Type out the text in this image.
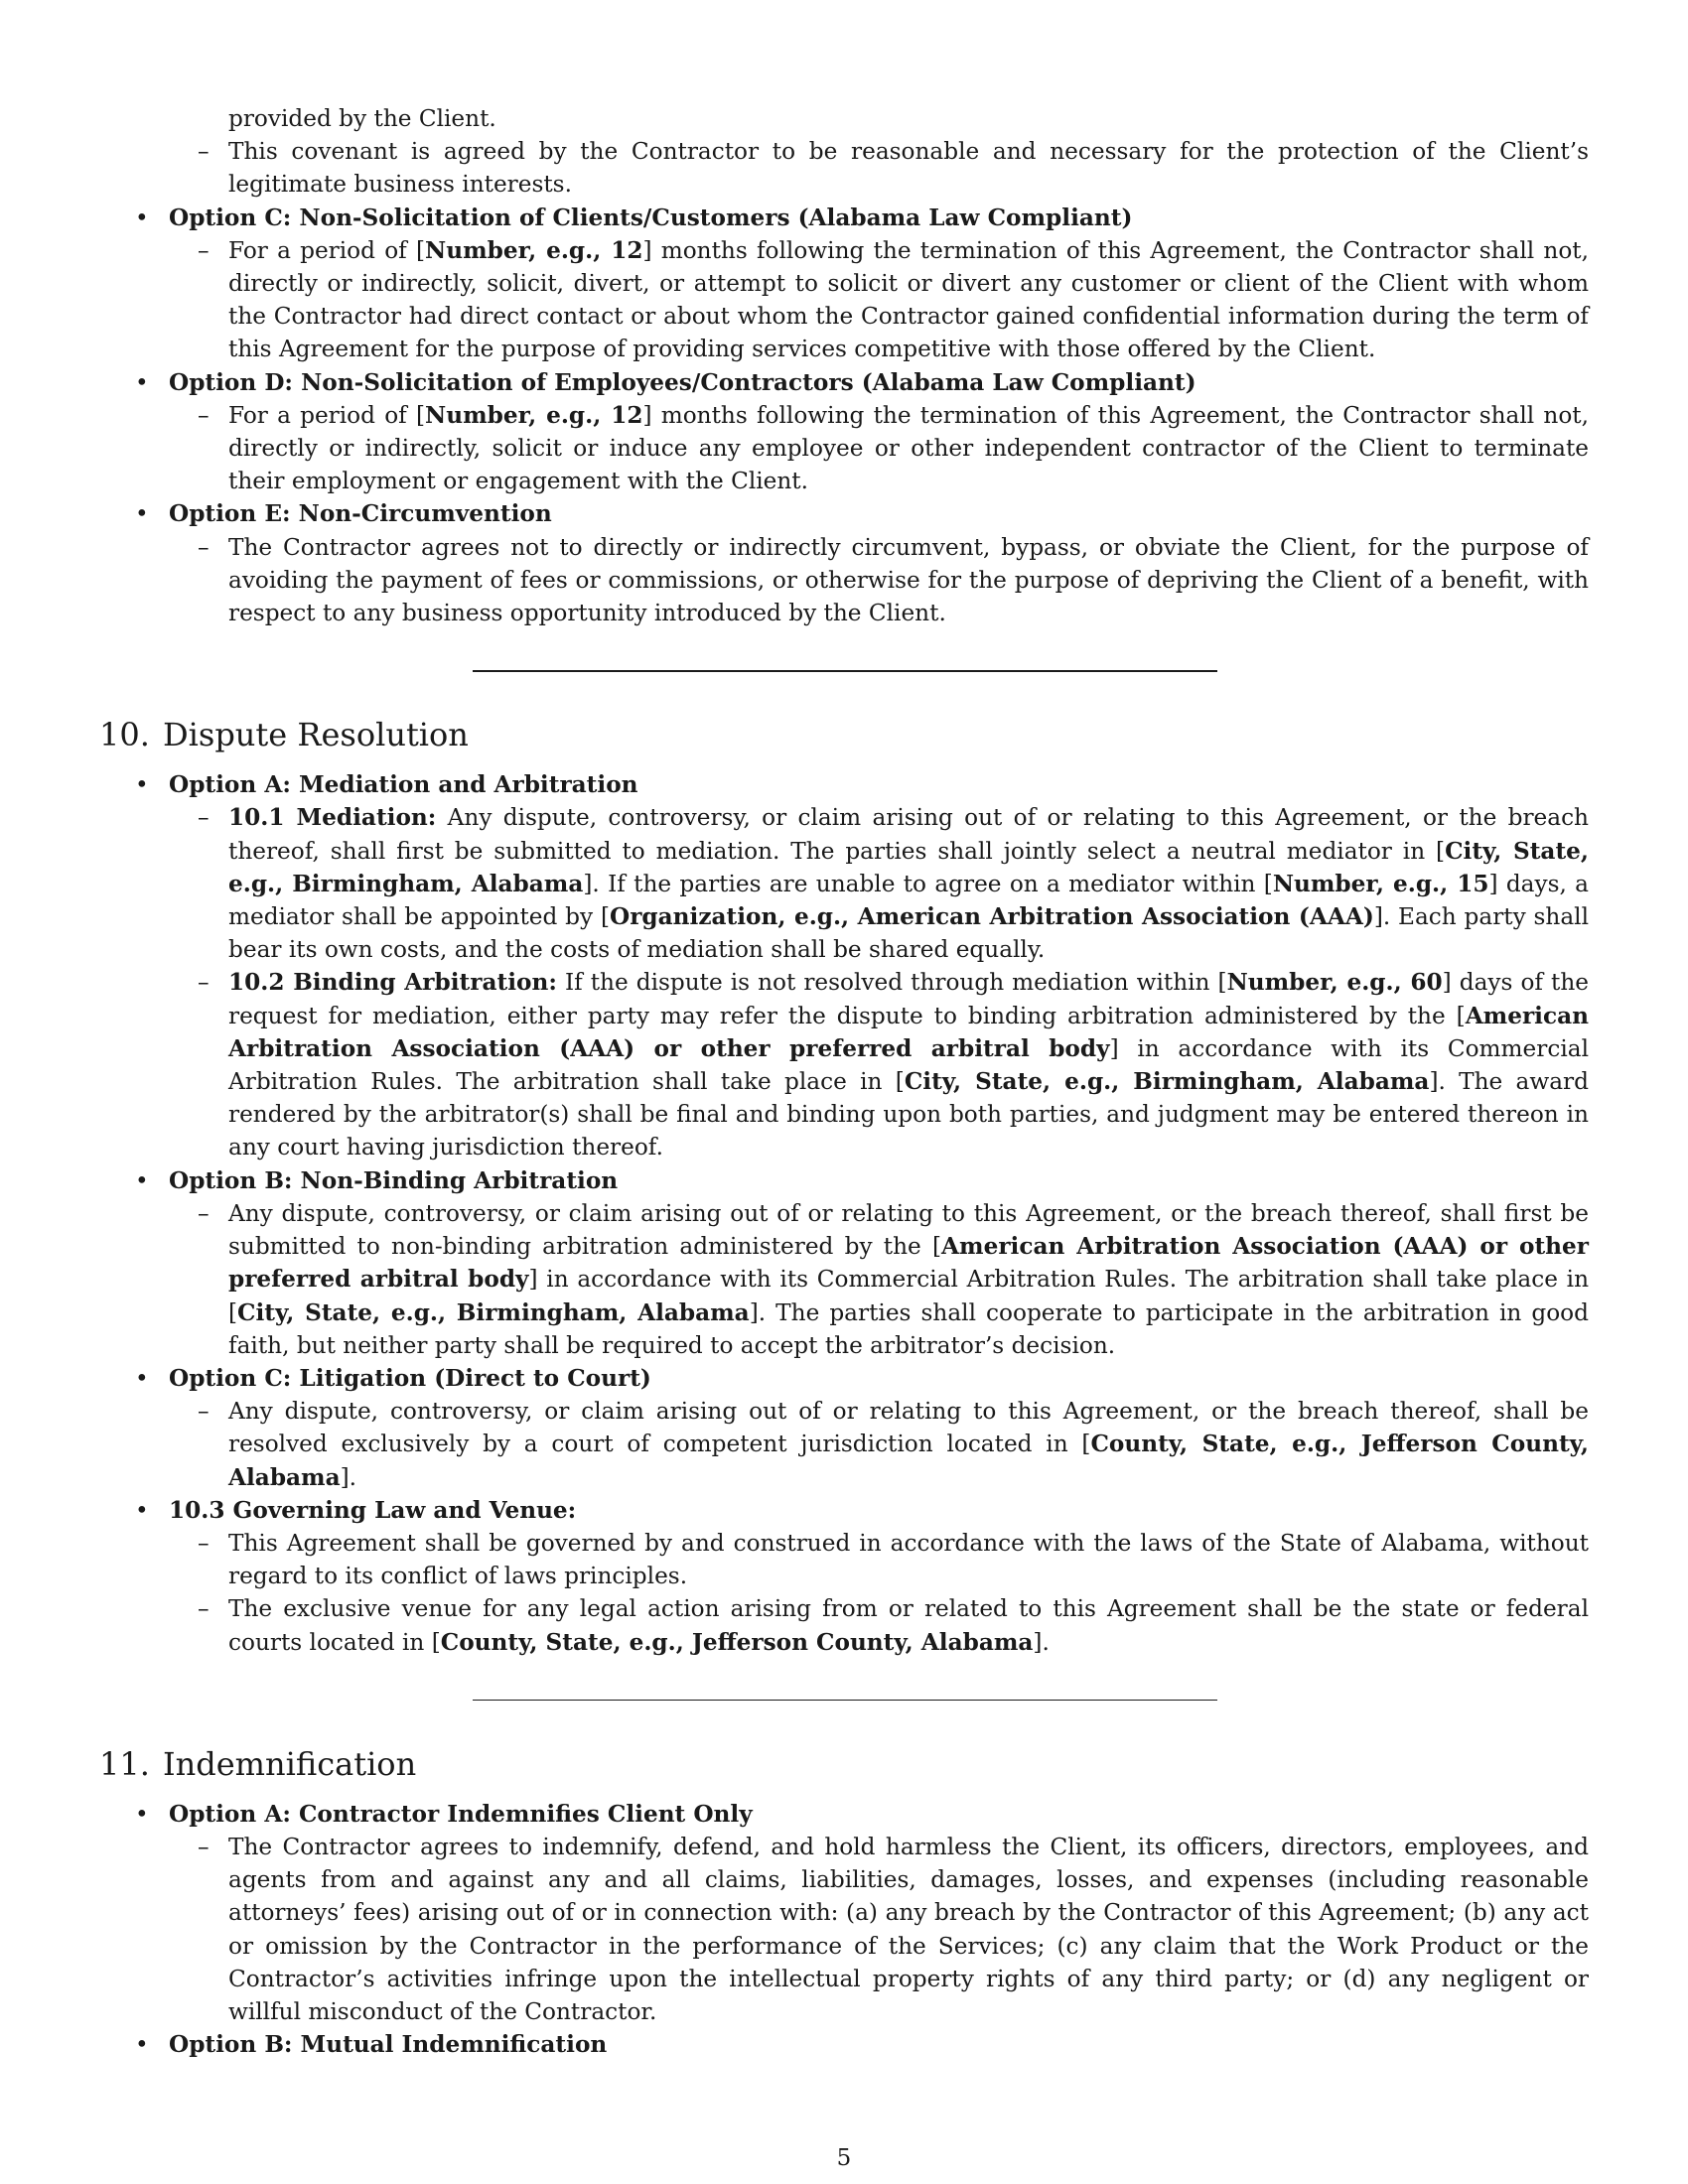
provided by the Client.
– This covenant is agreed by the Contractor to be reasonable and necessary for the protection of the Client’s legitimate business interests.
• Option C: Non-Solicitation of Clients/Customers (Alabama Law Compliant)
– For a period of [Number, e.g., 12] months following the termination of this Agreement, the Contractor shall not, directly or indirectly, solicit, divert, or attempt to solicit or divert any customer or client of the Client with whom the Contractor had direct contact or about whom the Contractor gained confidential information during the term of this Agreement for the purpose of providing services competitive with those offered by the Client.
• Option D: Non-Solicitation of Employees/Contractors (Alabama Law Compliant)
– For a period of [Number, e.g., 12] months following the termination of this Agreement, the Contractor shall not, directly or indirectly, solicit or induce any employee or other independent contractor of the Client to terminate their employment or engagement with the Client.
• Option E: Non-Circumvention
– The Contractor agrees not to directly or indirectly circumvent, bypass, or obviate the Client, for the purpose of avoiding the payment of fees or commissions, or otherwise for the purpose of depriving the Client of a benefit, with respect to any business opportunity introduced by the Client.
10. Dispute Resolution
• Option A: Mediation and Arbitration
– 10.1 Mediation: Any dispute, controversy, or claim arising out of or relating to this Agreement, or the breach thereof, shall first be submitted to mediation. The parties shall jointly select a neutral mediator in [City, State, e.g., Birmingham, Alabama]. If the parties are unable to agree on a mediator within [Number, e.g., 15] days, a mediator shall be appointed by [Organization, e.g., American Arbitration Association (AAA)]. Each party shall bear its own costs, and the costs of mediation shall be shared equally.
– 10.2 Binding Arbitration: If the dispute is not resolved through mediation within [Number, e.g., 60] days of the request for mediation, either party may refer the dispute to binding arbitration administered by the [American Arbitration Association (AAA) or other preferred arbitral body] in accordance with its Commercial Arbitration Rules. The arbitration shall take place in [City, State, e.g., Birmingham, Alabama]. The award rendered by the arbitrator(s) shall be final and binding upon both parties, and judgment may be entered thereon in any court having jurisdiction thereof.
• Option B: Non-Binding Arbitration
– Any dispute, controversy, or claim arising out of or relating to this Agreement, or the breach thereof, shall first be submitted to non-binding arbitration administered by the [American Arbitration Association (AAA) or other preferred arbitral body] in accordance with its Commercial Arbitration Rules. The arbitration shall take place in [City, State, e.g., Birmingham, Alabama]. The parties shall cooperate to participate in the arbitration in good faith, but neither party shall be required to accept the arbitrator’s decision.
• Option C: Litigation (Direct to Court)
– Any dispute, controversy, or claim arising out of or relating to this Agreement, or the breach thereof, shall be resolved exclusively by a court of competent jurisdiction located in [County, State, e.g., Jefferson County, Alabama].
• 10.3 Governing Law and Venue:
– This Agreement shall be governed by and construed in accordance with the laws of the State of Alabama, without regard to its conflict of laws principles.
– The exclusive venue for any legal action arising from or related to this Agreement shall be the state or federal courts located in [County, State, e.g., Jefferson County, Alabama].
11. Indemnification
• Option A: Contractor Indemnifies Client Only
– The Contractor agrees to indemnify, defend, and hold harmless the Client, its officers, directors, employees, and agents from and against any and all claims, liabilities, damages, losses, and expenses (including reasonable attorneys’ fees) arising out of or in connection with: (a) any breach by the Contractor of this Agreement; (b) any act or omission by the Contractor in the performance of the Services; (c) any claim that the Work Product or the Contractor’s activities infringe upon the intellectual property rights of any third party; or (d) any negligent or willful misconduct of the Contractor.
• Option B: Mutual Indemnification
5
